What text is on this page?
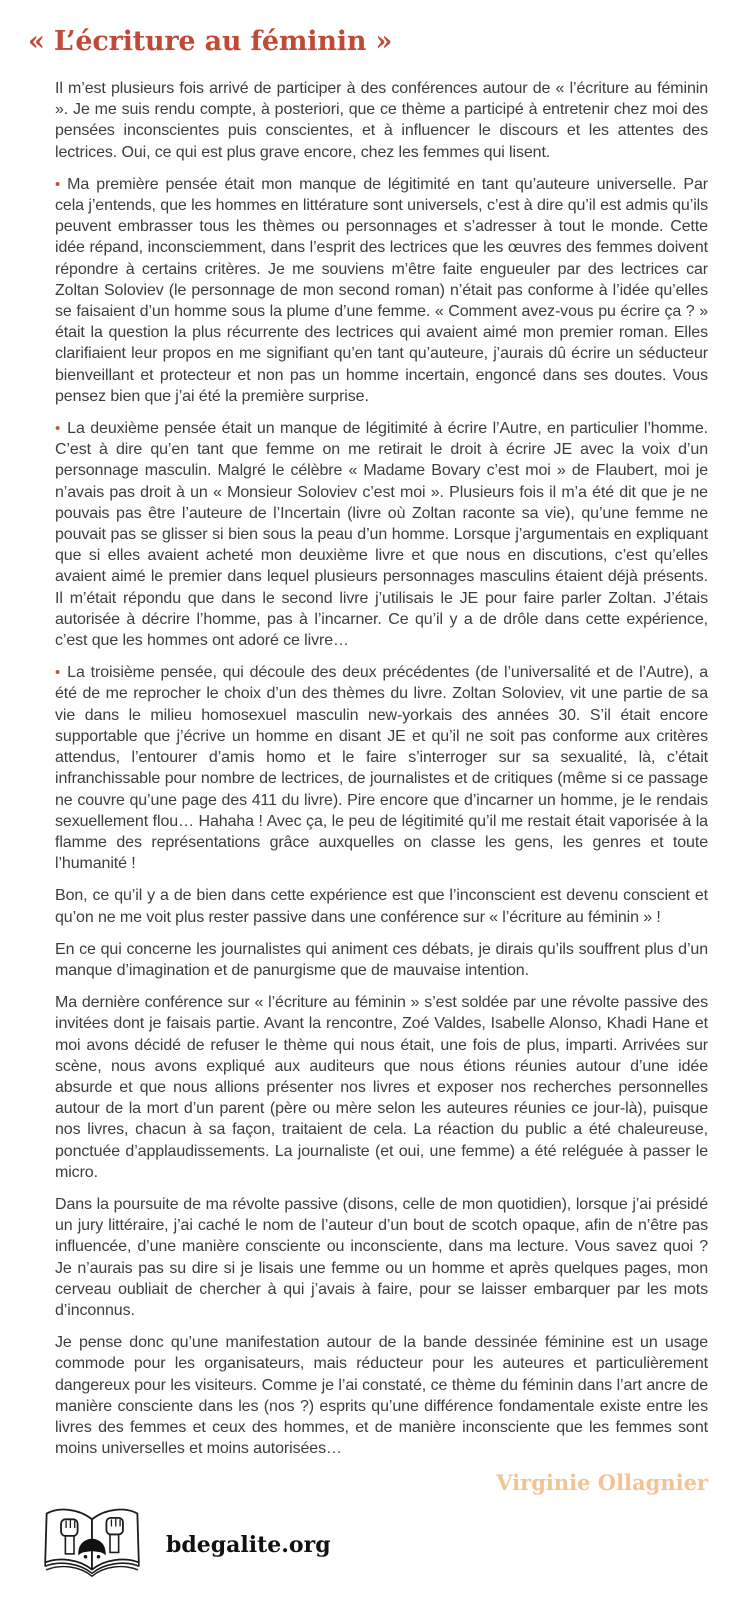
« L’écriture au féminin »

Il m’est plusieurs fois arrivé de participer à des conférences autour de « l’écriture au féminin ». Je me suis rendu compte, à posteriori, que ce thème a participé à entretenir chez moi des pensées inconscientes puis conscientes, et à influencer le discours et les attentes des lectrices. Oui, ce qui est plus grave encore, chez les femmes qui lisent.

• Ma première pensée était mon manque de légitimité en tant qu’auteure universelle. Par cela j’entends, que les hommes en littérature sont universels, c’est à dire qu’il est admis qu’ils peuvent embrasser tous les thèmes ou personnages et s’adresser à tout le monde. Cette idée répand, inconsciemment, dans l’esprit des lectrices que les œuvres des femmes doivent répondre à certains critères. Je me souviens m’être faite engueuler par des lectrices car Zoltan Soloviev (le personnage de mon second roman) n’était pas conforme à l’idée qu’elles se faisaient d’un homme sous la plume d’une femme. « Comment avez-vous pu écrire ça ? » était la question la plus récurrente des lectrices qui avaient aimé mon premier roman. Elles clarifiaient leur propos en me signifiant qu’en tant qu’auteure, j’aurais dû écrire un séducteur bienveillant et protecteur et non pas un homme incertain, engoncé dans ses doutes. Vous pensez bien que j’ai été la première surprise.

• La deuxième pensée était un manque de légitimité à écrire l’Autre, en particulier l’homme. C’est à dire qu’en tant que femme on me retirait le droit à écrire JE avec la voix d’un personnage masculin. Malgré le célèbre « Madame Bovary c’est moi » de Flaubert, moi je n’avais pas droit à un « Monsieur Soloviev c’est moi ». Plusieurs fois il m’a été dit que je ne pouvais pas être l’auteure de l’Incertain (livre où Zoltan raconte sa vie), qu’une femme ne pouvait pas se glisser si bien sous la peau d’un homme. Lorsque j’argumentais en expliquant que si elles avaient acheté mon deuxième livre et que nous en discutions, c’est qu’elles avaient aimé le premier dans lequel plusieurs personnages masculins étaient déjà présents. Il m’était répondu que dans le second livre j’utilisais le JE pour faire parler Zoltan. J’étais autorisée à décrire l’homme, pas à l’incarner. Ce qu’il y a de drôle dans cette expérience, c’est que les hommes ont adoré ce livre…

• La troisième pensée, qui découle des deux précédentes (de l’universalité et de l’Autre), a été de me reprocher le choix d’un des thèmes du livre. Zoltan Soloviev, vit une partie de sa vie dans le milieu homosexuel masculin new-yorkais des années 30. S’il était encore supportable que j’écrive un homme en disant JE et qu’il ne soit pas conforme aux critères attendus, l’entourer d’amis homo et le faire s’interroger sur sa sexualité, là, c’était infranchissable pour nombre de lectrices, de journalistes et de critiques (même si ce passage ne couvre qu’une page des 411 du livre). Pire encore que d’incarner un homme, je le rendais sexuellement flou… Hahaha ! Avec ça, le peu de légitimité qu’il me restait était vaporisée à la flamme des représentations grâce auxquelles on classe les gens, les genres et toute l’humanité !

Bon, ce qu’il y a de bien dans cette expérience est que l’inconscient est devenu conscient et qu’on ne me voit plus rester passive dans une conférence sur « l’écriture au féminin » !

En ce qui concerne les journalistes qui animent ces débats, je dirais qu’ils souffrent plus d’un manque d’imagination et de panurgisme que de mauvaise intention.

Ma dernière conférence sur « l’écriture au féminin » s’est soldée par une révolte passive des invitées dont je faisais partie. Avant la rencontre, Zoé Valdes, Isabelle Alonso, Khadi Hane et moi avons décidé de refuser le thème qui nous était, une fois de plus, imparti. Arrivées sur scène, nous avons expliqué aux auditeurs que nous étions réunies autour d’une idée absurde et que nous allions présenter nos livres et exposer nos recherches personnelles autour de la mort d’un parent (père ou mère selon les auteures réunies ce jour-là), puisque nos livres, chacun à sa façon, traitaient de cela. La réaction du public a été chaleureuse, ponctuée d’applaudissements. La journaliste (et oui, une femme) a été reléguée à passer le micro.

Dans la poursuite de ma révolte passive (disons, celle de mon quotidien), lorsque j’ai présidé un jury littéraire, j’ai caché le nom de l’auteur d’un bout de scotch opaque, afin de n’être pas influencée, d’une manière consciente ou inconsciente, dans ma lecture. Vous savez quoi ? Je n’aurais pas su dire si je lisais une femme ou un homme et après quelques pages, mon cerveau oubliait de chercher à qui j’avais à faire, pour se laisser embarquer par les mots d’inconnus.

Je pense donc qu’une manifestation autour de la bande dessinée féminine est un usage commode pour les organisateurs, mais réducteur pour les auteures et particulièrement dangereux pour les visiteurs. Comme je l’ai constaté, ce thème du féminin dans l’art ancre de manière consciente dans les (nos ?) esprits qu’une différence fondamentale existe entre les livres des femmes et ceux des hommes, et de manière inconsciente que les femmes sont moins universelles et moins autorisées…

Virginie Ollagnier
bdegalite.org
